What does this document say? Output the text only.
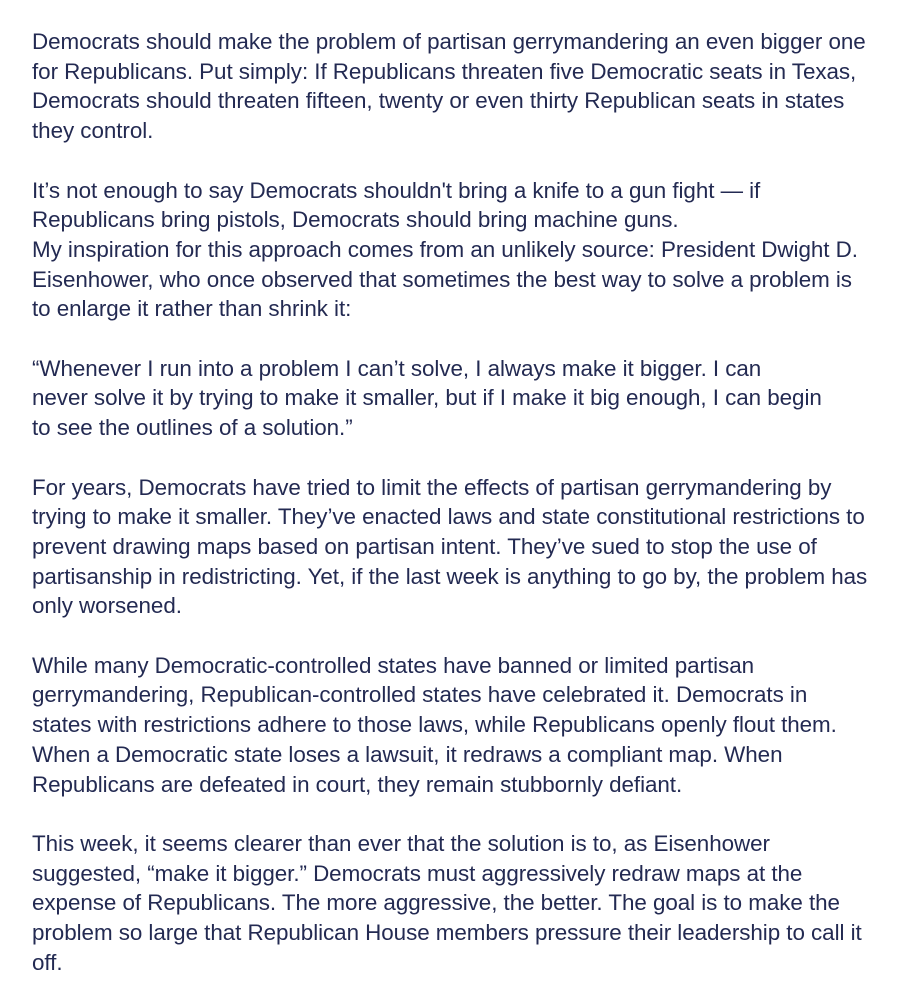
Democrats should make the problem of partisan gerrymandering an even bigger one for Republicans. Put simply: If Republicans threaten five Democratic seats in Texas, Democrats should threaten fifteen, twenty or even thirty Republican seats in states they control.

It’s not enough to say Democrats shouldn't bring a knife to a gun fight — if Republicans bring pistols, Democrats should bring machine guns.

My inspiration for this approach comes from an unlikely source: President Dwight D. Eisenhower, who once observed that sometimes the best way to solve a problem is to enlarge it rather than shrink it:

“Whenever I run into a problem I can’t solve, I always make it bigger. I can never solve it by trying to make it smaller, but if I make it big enough, I can begin to see the outlines of a solution.”

For years, Democrats have tried to limit the effects of partisan gerrymandering by trying to make it smaller. They’ve enacted laws and state constitutional restrictions to prevent drawing maps based on partisan intent. They’ve sued to stop the use of partisanship in redistricting. Yet, if the last week is anything to go by, the problem has only worsened.

While many Democratic-controlled states have banned or limited partisan gerrymandering, Republican-controlled states have celebrated it. Democrats in states with restrictions adhere to those laws, while Republicans openly flout them. When a Democratic state loses a lawsuit, it redraws a compliant map. When Republicans are defeated in court, they remain stubbornly defiant.

This week, it seems clearer than ever that the solution is to, as Eisenhower suggested, “make it bigger.” Democrats must aggressively redraw maps at the expense of Republicans. The more aggressive, the better. The goal is to make the problem so large that Republican House members pressure their leadership to call it off.
